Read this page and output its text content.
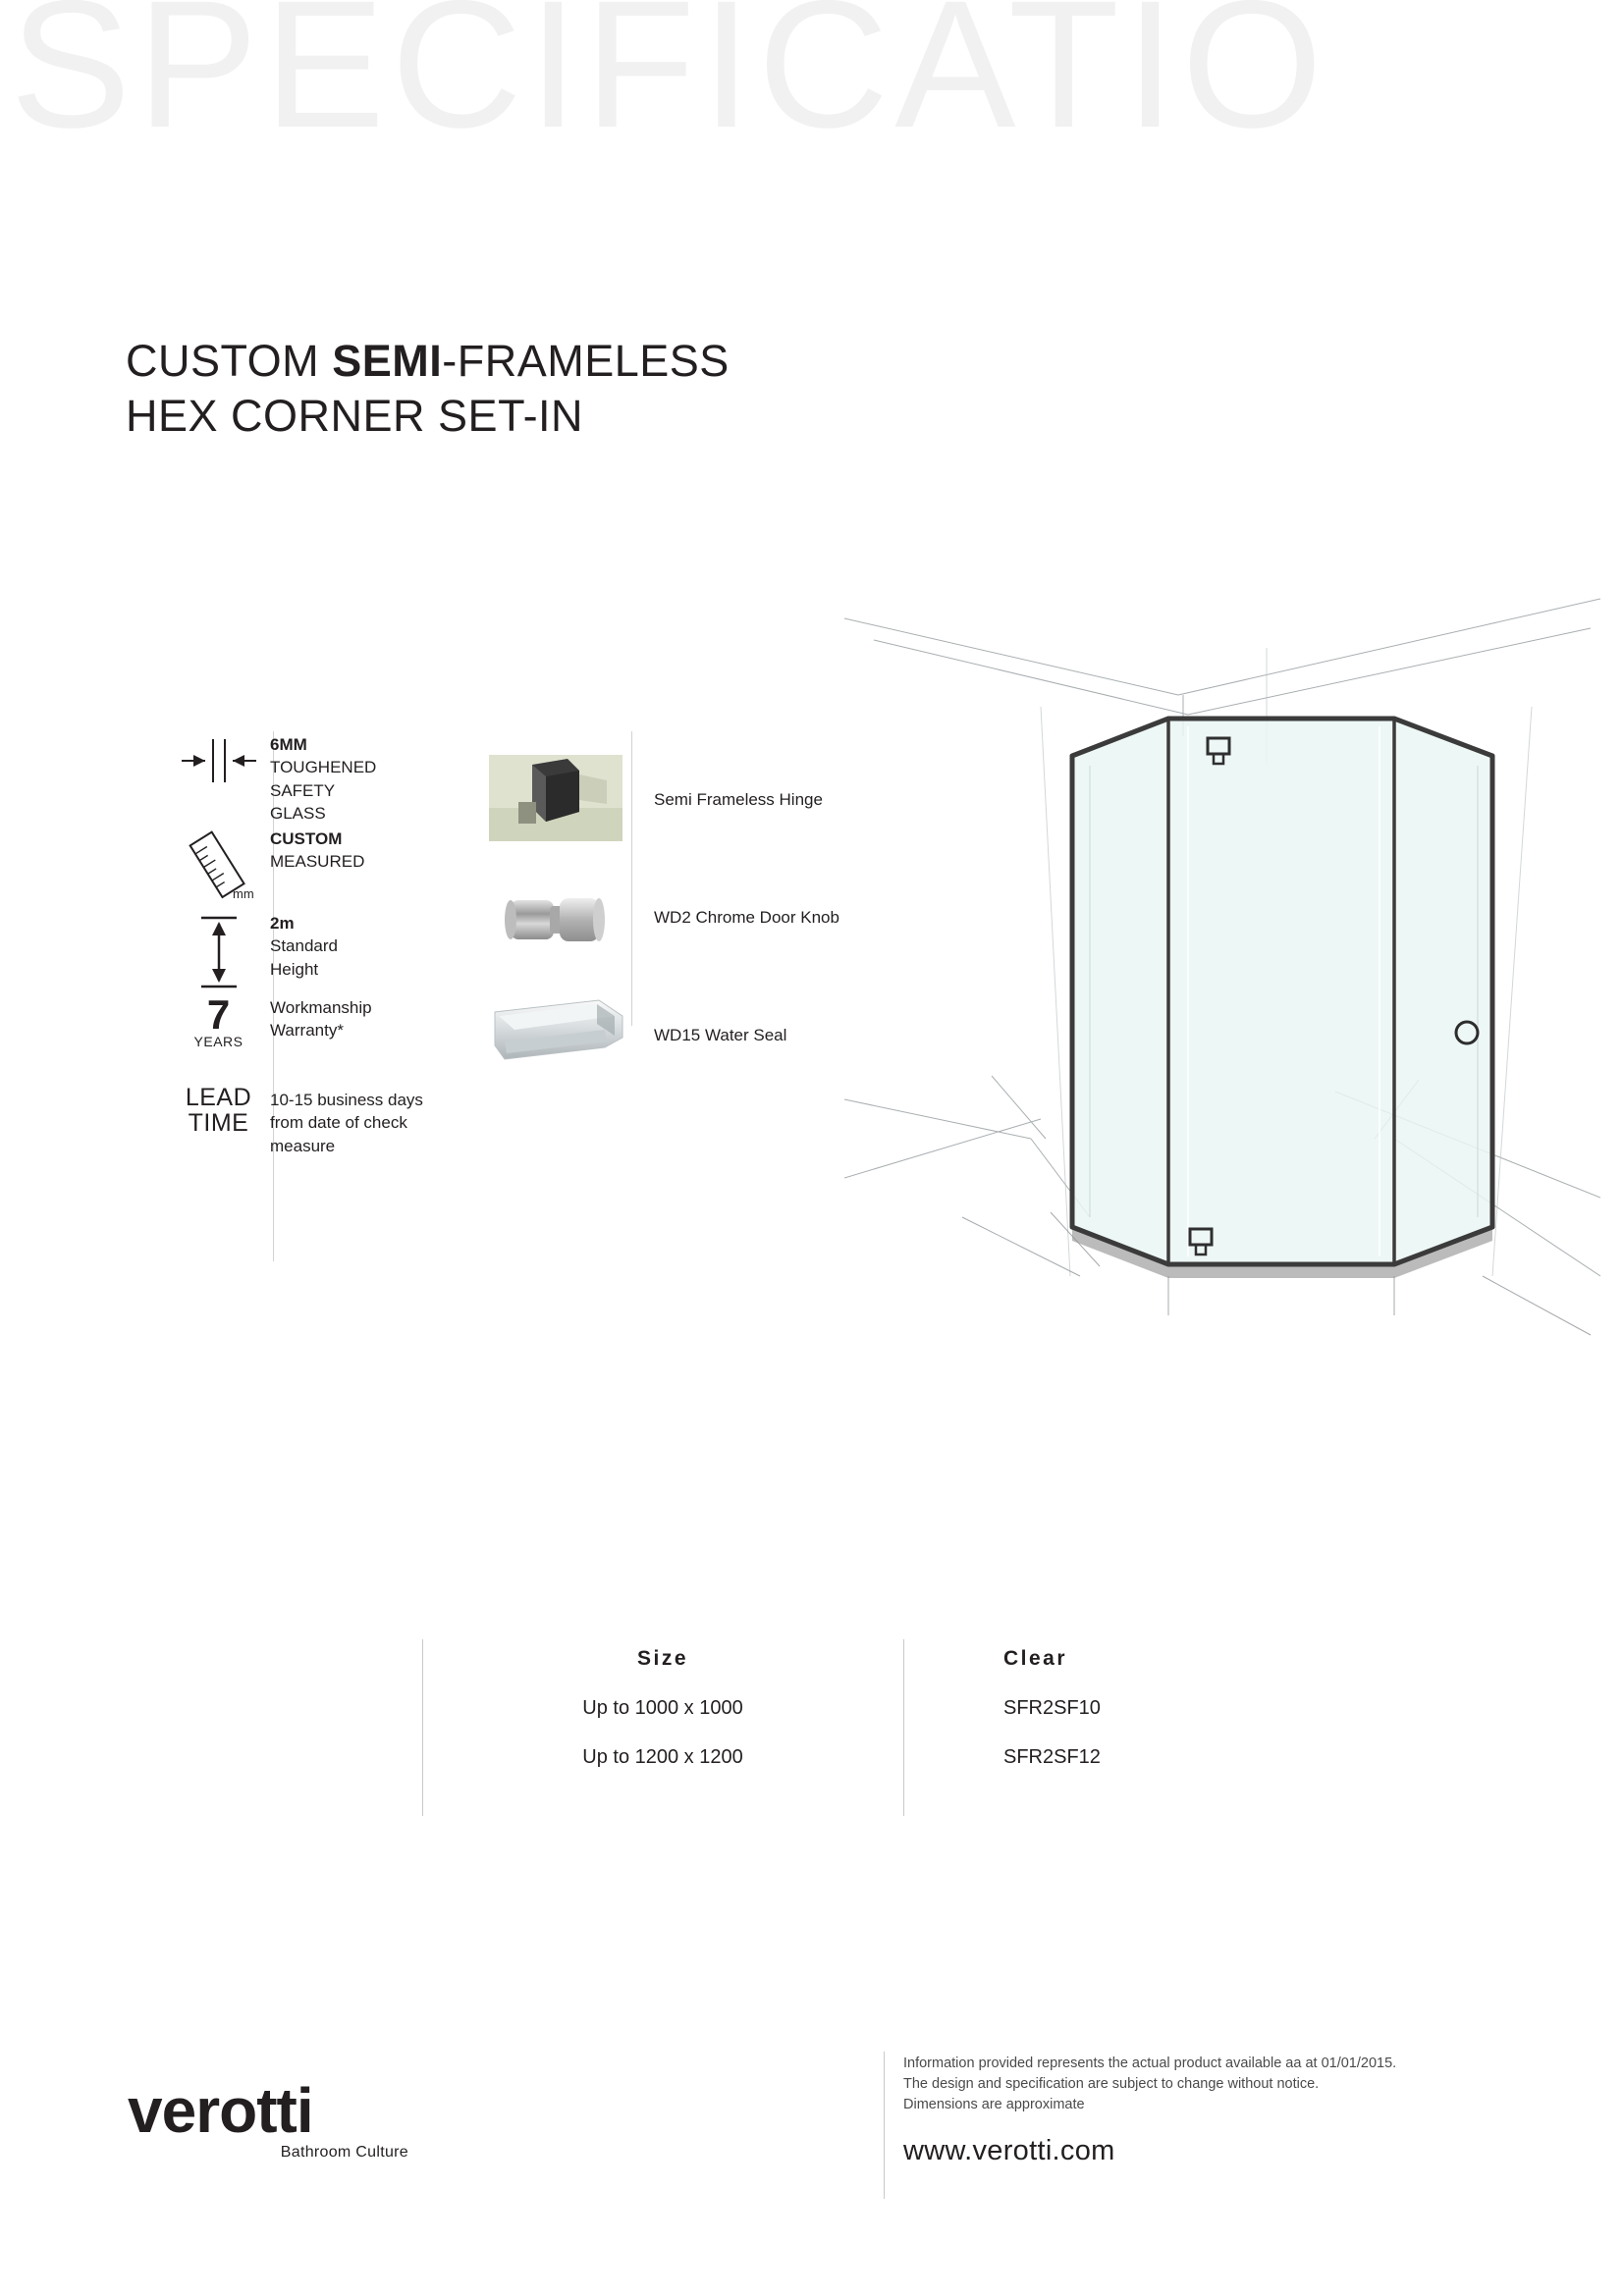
SPECIFICATIO
CUSTOM SEMI-FRAMELESS
HEX CORNER SET-IN
6MM
TOUGHENED
SAFETY
GLASS
mm
CUSTOM
MEASURED
2m
Standard
Height
7
YEARS
Workmanship
Warranty*
LEAD
TIME
10-15 business days
from date of check
measure
Semi Frameless Hinge
WD2 Chrome Door Knob
WD15 Water Seal
Size
Up to 1000 x 1000
Up to 1200 x 1200
Clear
SFR2SF10
SFR2SF12
verotti
Bathroom Culture
Information provided represents the actual product available aa at 01/01/2015.
The design and specification are subject to change without notice.
Dimensions are approximate
www.verotti.com
